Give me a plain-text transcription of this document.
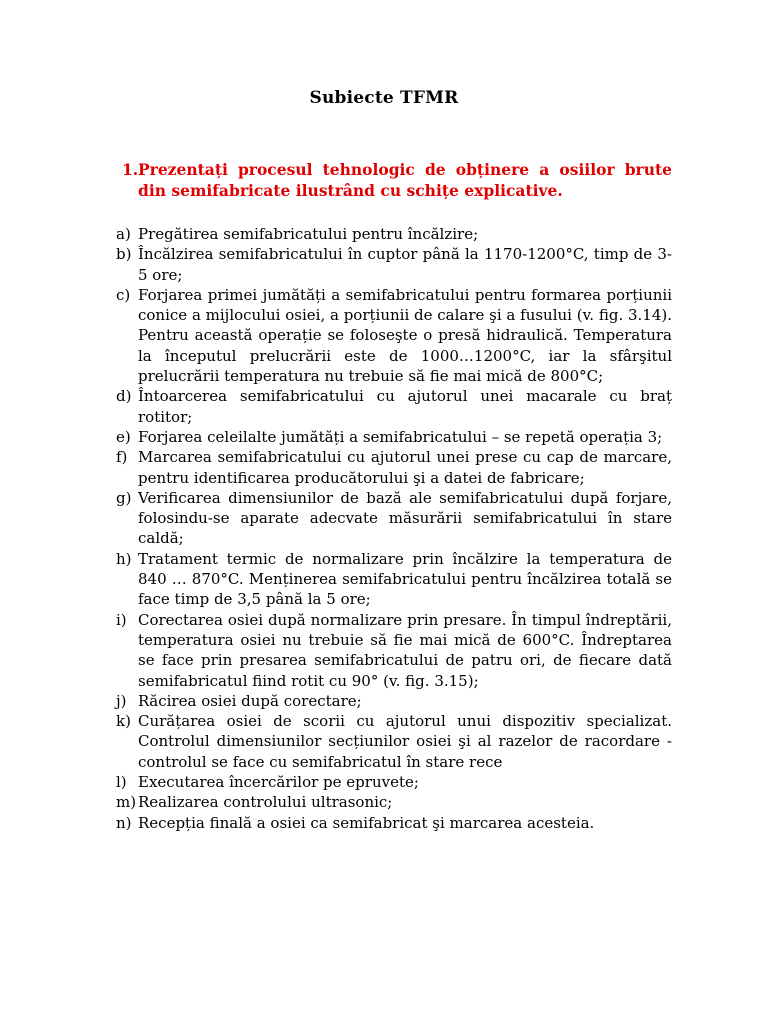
Subiecte TFMR
1. Prezentați procesul tehnologic de obținere a osiilor brute din semifabricate ilustrând cu schițe explicative.
a) Pregătirea semifabricatului pentru încălzire;
b) Încălzirea semifabricatului în cuptor până la 1170-1200°C, timp de 3-5 ore;
c) Forjarea primei jumătăți a semifabricatului pentru formarea porțiunii conice a mijlocului osiei, a porțiunii de calare şi a fusului (v. fig. 3.14). Pentru această operație se foloseşte o presă hidraulică. Temperatura la începutul prelucrării este de 1000…1200°C, iar la sfârşitul prelucrării temperatura nu trebuie să fie mai mică de 800°C;
d) Întoarcerea semifabricatului cu ajutorul unei macarale cu braț rotitor;
e) Forjarea celeilalte jumătăți a semifabricatului – se repetă operația 3;
f) Marcarea semifabricatului cu ajutorul unei prese cu cap de marcare, pentru identificarea producătorului şi a datei de fabricare;
g) Verificarea dimensiunilor de bază ale semifabricatului după forjare, folosindu-se aparate adecvate măsurării semifabricatului în stare caldă;
h) Tratament termic de normalizare prin încălzire la temperatura de 840 … 870°C. Menținerea semifabricatului pentru încălzirea totală se face timp de 3,5 până la 5 ore;
i) Corectarea osiei după normalizare prin presare. În timpul îndreptării, temperatura osiei nu trebuie să fie mai mică de 600°C. Îndreptarea se face prin presarea semifabricatului de patru ori, de fiecare dată semifabricatul fiind rotit cu 90° (v. fig. 3.15);
j) Răcirea osiei după corectare;
k) Curățarea osiei de scorii cu ajutorul unui dispozitiv specializat. Controlul dimensiunilor secțiunilor osiei şi al razelor de racordare - controlul se face cu semifabricatul în stare rece
l) Executarea încercărilor pe epruvete;
m) Realizarea controlului ultrasonic;
n) Recepția finală a osiei ca semifabricat şi marcarea acesteia.
